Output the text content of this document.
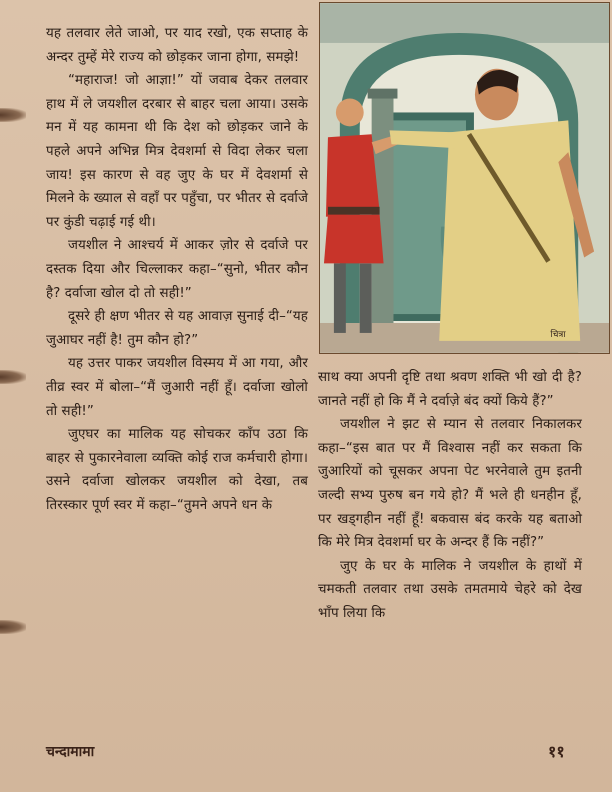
यह तलवार लेते जाओ, पर याद रखो, एक सप्ताह के अन्दर तुम्हें मेरे राज्य को छोड़कर जाना होगा, समझे!

“महाराज! जो आज्ञा!” यों जवाब देकर तलवार हाथ में ले जयशील दरबार से बाहर चला आया। उसके मन में यह कामना थी कि देश को छोड़कर जाने के पहले अपने अभिन्न मित्र देवशर्मा से विदा लेकर चला जाय! इस कारण से वह जुए के घर में देवशर्मा से मिलने के ख्याल से वहाँ पर पहुँचा, पर भीतर से दर्वाजे पर कुंडी चढ़ाई गई थी।

जयशील ने आश्चर्य में आकर ज़ोर से दर्वाजे पर दस्तक दिया और चिल्लाकर कहा–“सुनो, भीतर कौन है? दर्वाजा खोल दो तो सही!”

दूसरे ही क्षण भीतर से यह आवाज़ सुनाई दी–“यह जुआघर नहीं है! तुम कौन हो?”

यह उत्तर पाकर जयशील विस्मय में आ गया, और तीव्र स्वर में बोला–“मैं जुआरी नहीं हूँ। दर्वाजा खोलो तो सही!”

जुएघर का मालिक यह सोचकर काँप उठा कि बाहर से पुकारनेवाला व्यक्ति कोई राज कर्मचारी होगा। उसने दर्वाजा खोलकर जयशील को देखा, तब तिरस्कार पूर्ण स्वर में कहा–“तुमने अपने धन के

चित्रा

साथ क्या अपनी दृष्टि तथा श्रवण शक्ति भी खो दी है? जानते नहीं हो कि मैं ने दर्वाज़े बंद क्यों किये हैं?”

जयशील ने झट से म्यान से तलवार निकालकर कहा–“इस बात पर मैं विश्वास नहीं कर सकता कि जुआरियों को चूसकर अपना पेट भरनेवाले तुम इतनी जल्दी सभ्य पुरुष बन गये हो? मैं भले ही धनहीन हूँ, पर खड्गहीन नहीं हूँ! बकवास बंद करके यह बताओ कि मेरे मित्र देवशर्मा घर के अन्दर हैं कि नहीं?”

जुए के घर के मालिक ने जयशील के हाथों में चमकती तलवार तथा उसके तमतमाये चेहरे को देख भाँप लिया कि

चन्दामामा	११
